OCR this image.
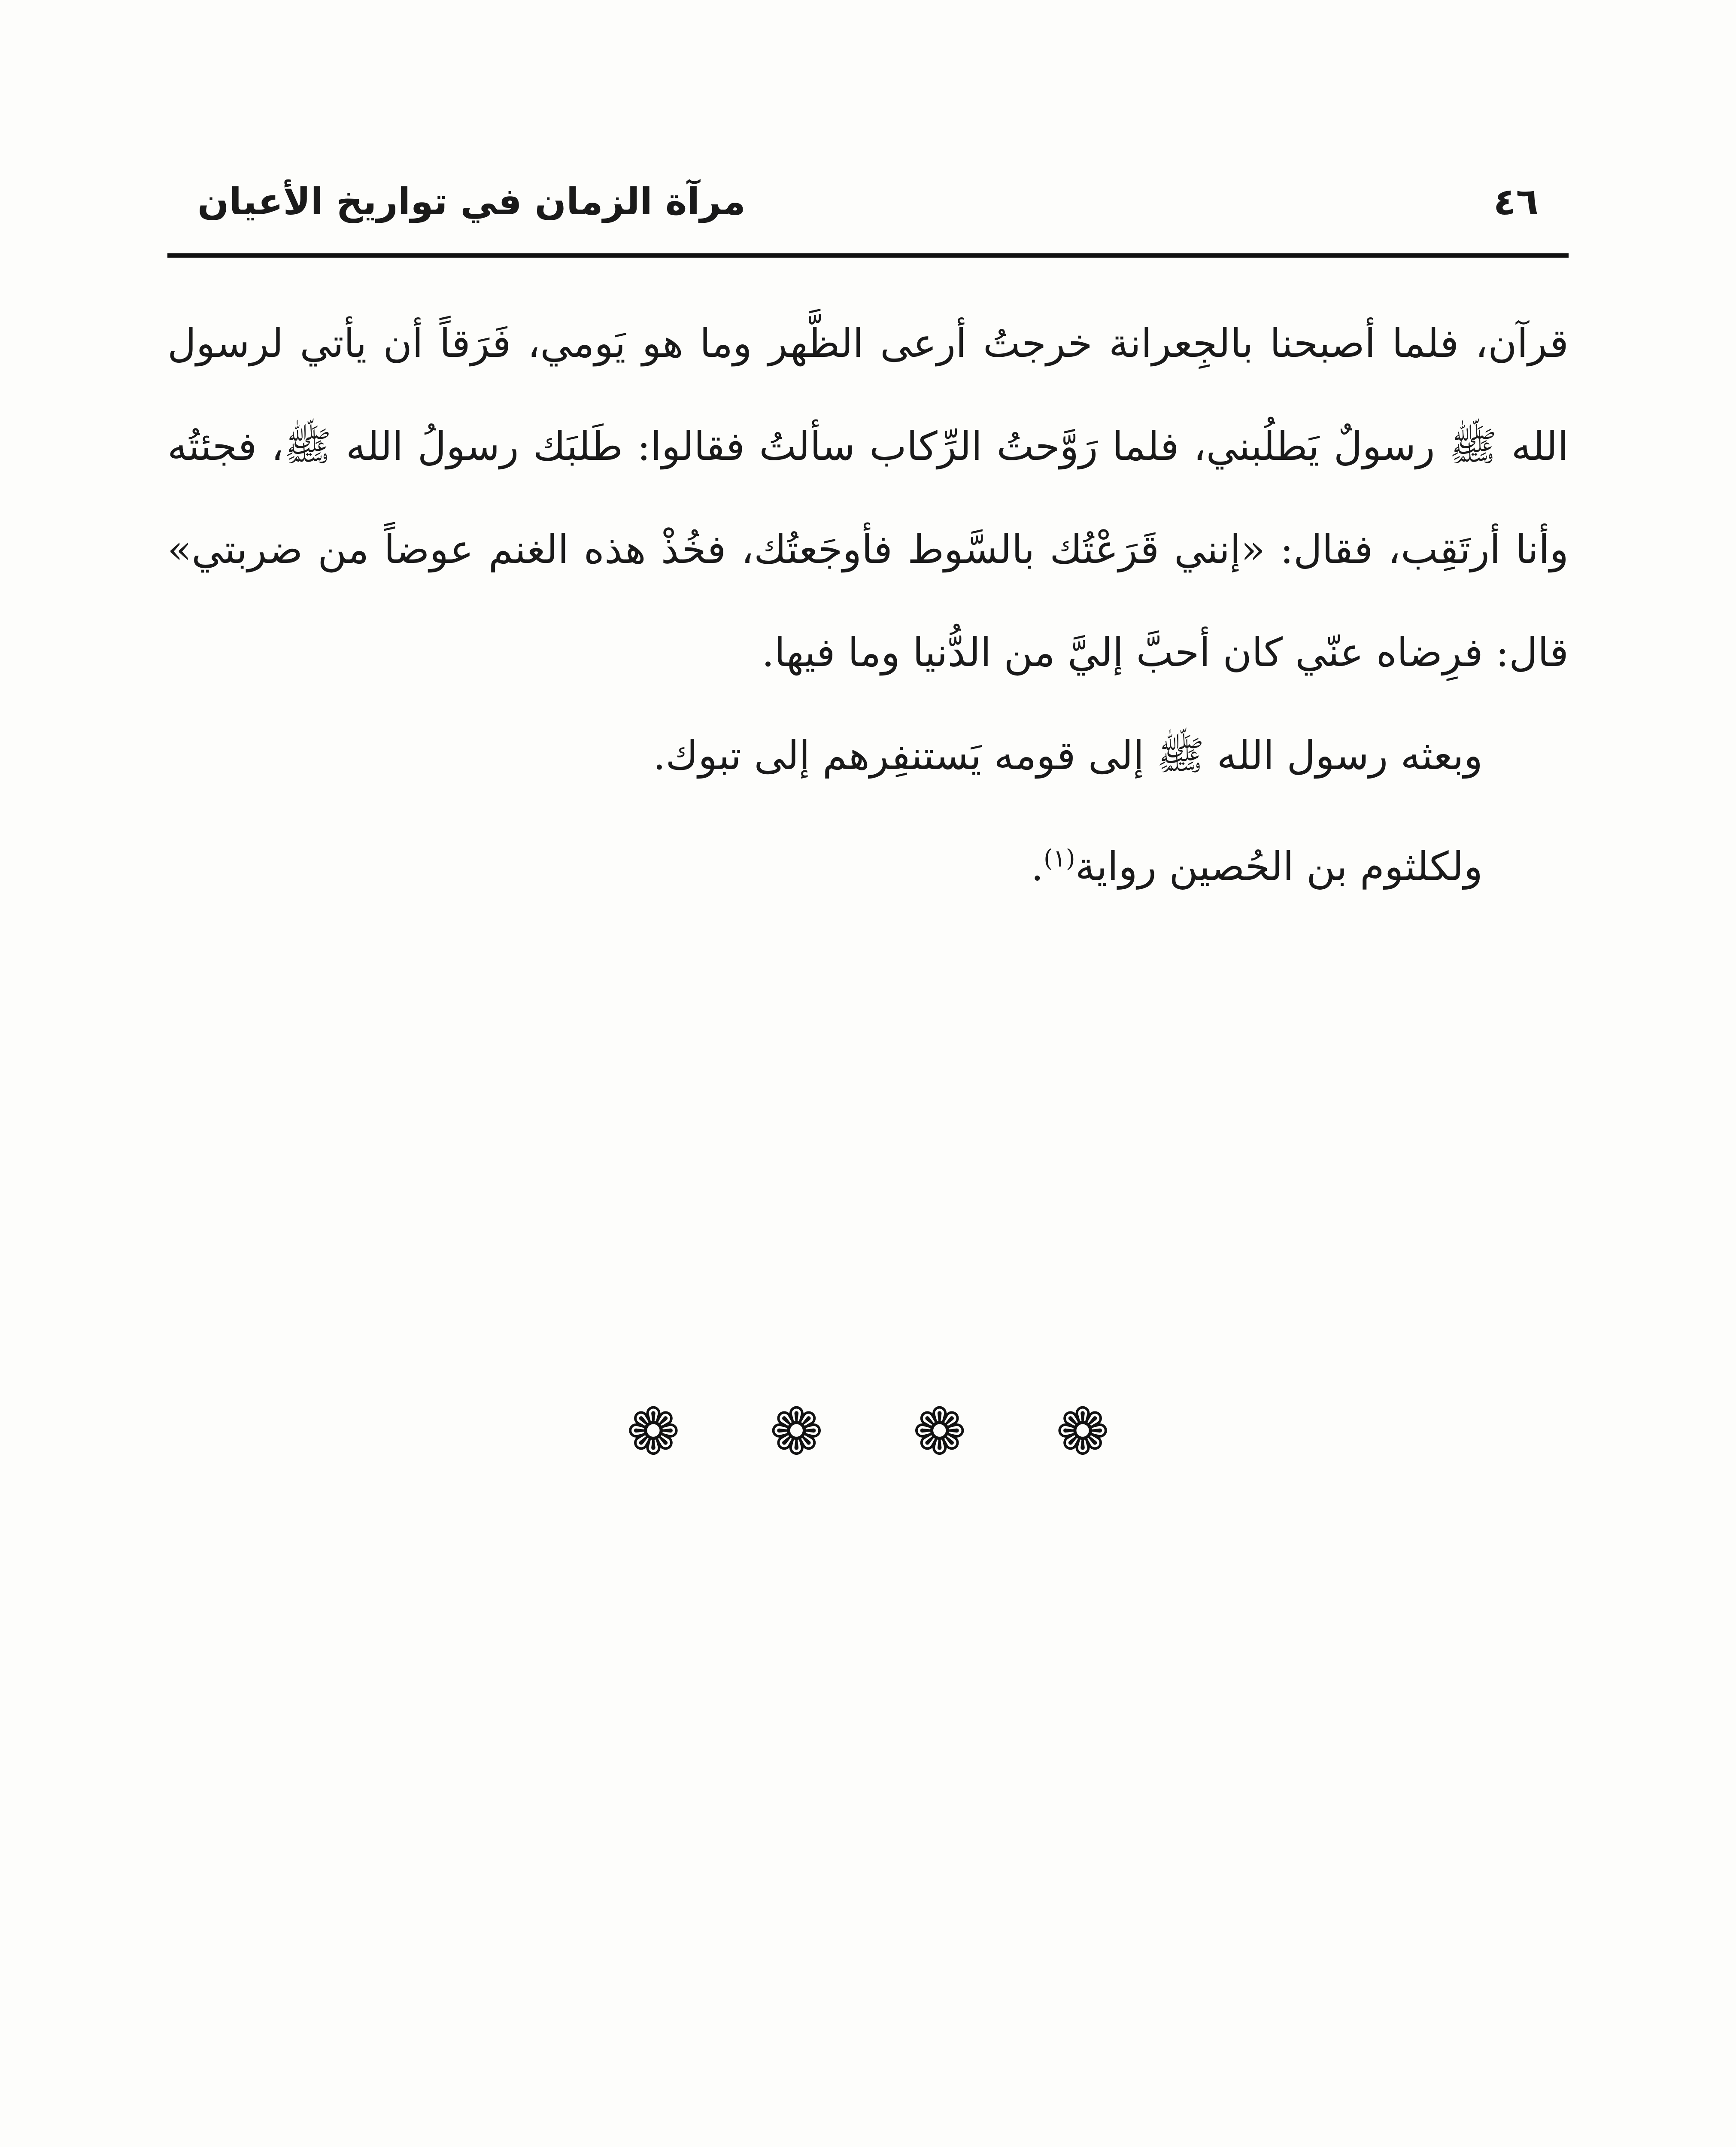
٤٦
مرآة الزمان في تواريخ الأعيان

قرآن، فلما أصبحنا بالجِعرانة خرجتُ أرعى الظَّهر وما هو يَومي، فَرَقاً أن يأتي لرسول الله ﷺ رسولٌ يَطلُبني، فلما رَوَّحتُ الرِّكاب سألتُ فقالوا: طَلبَك رسولُ الله ﷺ، فجئتُه وأنا أرتَقِب، فقال: «إنني قَرَعْتُك بالسَّوط فأوجَعتُك، فخُذْ هذه الغنم عوضاً من ضربتي» قال: فرِضاه عنّي كان أحبَّ إليَّ من الدُّنيا وما فيها.

وبعثه رسول الله ﷺ إلى قومه يَستنفِرهم إلى تبوك.

ولكلثوم بن الحُصين رواية$^{(١)}$.

❁ ❁ ❁ ❁
